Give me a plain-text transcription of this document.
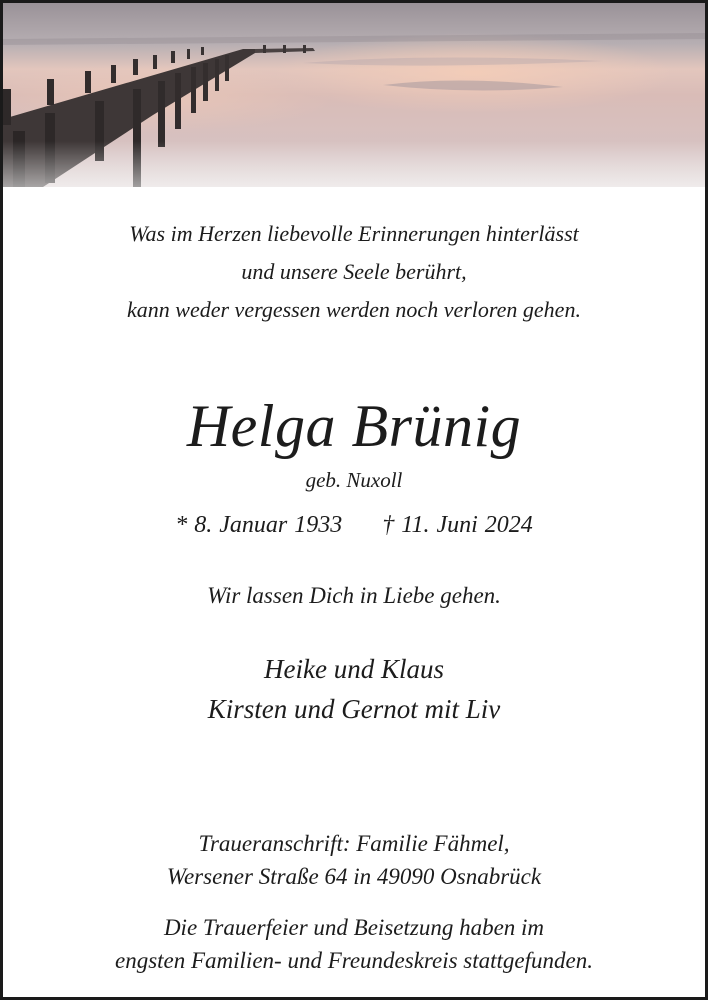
Was im Herzen liebevolle Erinnerungen hinterlässt
und unsere Seele berührt,
kann weder vergessen werden noch verloren gehen.
Helga Brünig
geb. Nuxoll
* 8. Januar 1933 † 11. Juni 2024
Wir lassen Dich in Liebe gehen.
Heike und Klaus
Kirsten und Gernot mit Liv
Traueranschrift: Familie Fähmel,
Wersener Straße 64 in 49090 Osnabrück
Die Trauerfeier und Beisetzung haben im
engsten Familien- und Freundeskreis stattgefunden.
